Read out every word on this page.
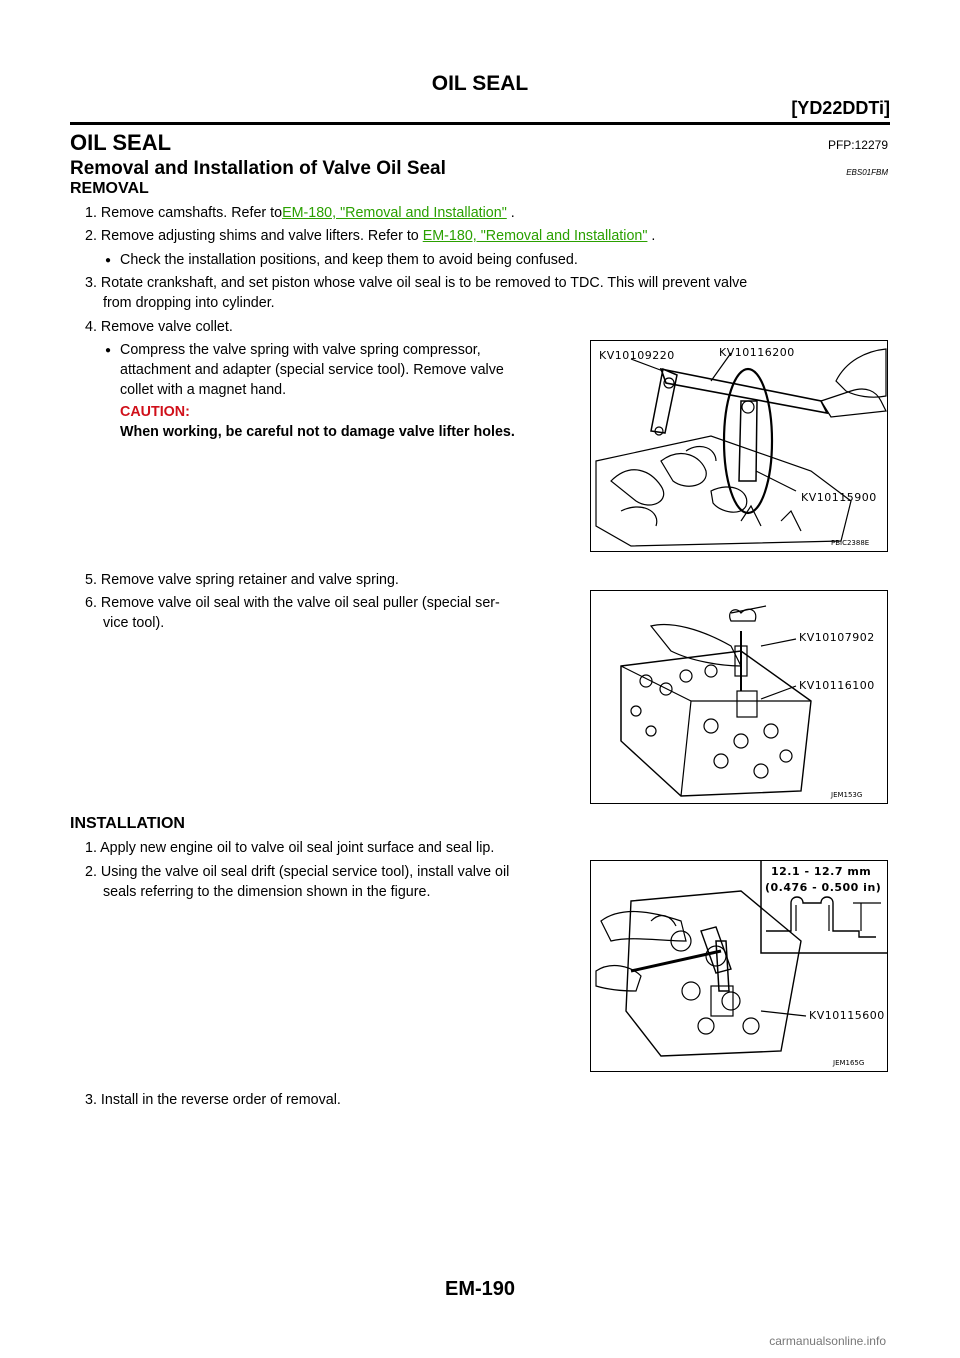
OIL SEAL
[YD22DDTi]
OIL SEAL	PFP:12279
Removal and Installation of Valve Oil Seal	EBS01FBM
REMOVAL
1. Remove camshafts. Refer toEM-180, "Removal and Installation" .
2. Remove adjusting shims and valve lifters. Refer to EM-180, "Removal and Installation" .
● Check the installation positions, and keep them to avoid being confused.
3. Rotate crankshaft, and set piston whose valve oil seal is to be removed to TDC. This will prevent valve
from dropping into cylinder.
4. Remove valve collet.
● Compress the valve spring with valve spring compressor,
attachment and adapter (special service tool). Remove valve
collet with a magnet hand.
CAUTION:
When working, be careful not to damage valve lifter holes.
KV10109220	KV10116200
KV10115900
PBIC2388E
5. Remove valve spring retainer and valve spring.
6. Remove valve oil seal with the valve oil seal puller (special ser-
vice tool).
KV10107902
KV10116100
JEM153G
INSTALLATION
1. Apply new engine oil to valve oil seal joint surface and seal lip.
2. Using the valve oil seal drift (special service tool), install valve oil
seals referring to the dimension shown in the figure.
12.1 - 12.7 mm
(0.476 - 0.500 in)
KV10115600
JEM165G
3. Install in the reverse order of removal.
EM-190
carmanualsonline.info
